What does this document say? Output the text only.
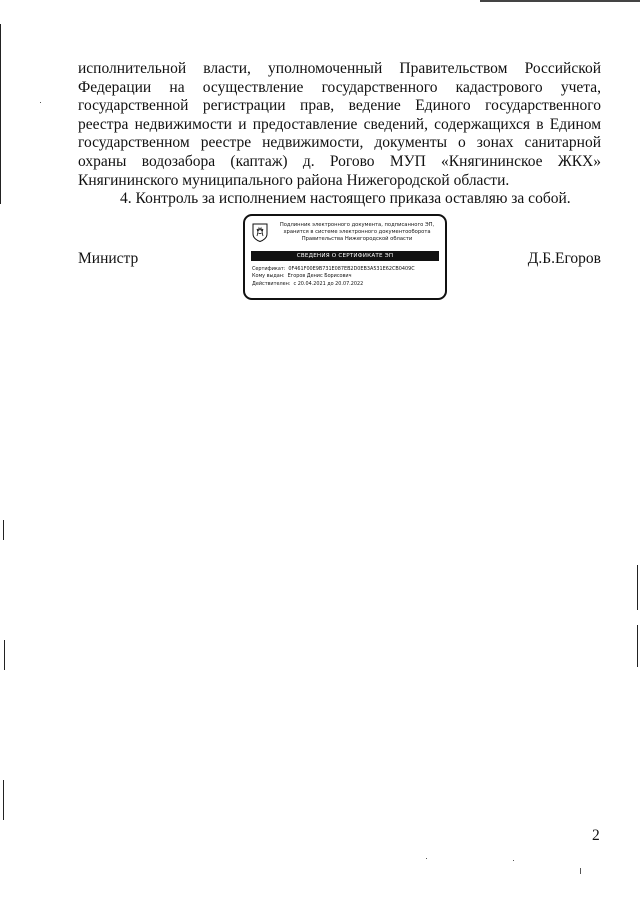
исполнительной власти, уполномоченный Правительством Российской Федерации на осуществление государственного кадастрового учета, государственной регистрации прав, ведение Единого государственного реестра недвижимости и предоставление сведений, содержащихся в Едином государственном реестре недвижимости, документы о зонах санитарной охраны водозабора (каптаж) д. Рогово МУП «Княгининское ЖКХ» Княгининского муниципального района Нижегородской области.

4. Контроль за исполнением настоящего приказа оставляю за собой.

Министр	Д.Б.Егоров
Подлинник электронного документа, подписанного ЭП,
хранится в системе электронного документооборота
Правительства Нижегородской области
СВЕДЕНИЯ О СЕРТИФИКАТЕ ЭП
Сертификат: 0F461F00E9B731E087EB2D0EB3A531E62CB0409C
Кому выдан: Егоров Денис Борисович
Действителен: с 20.04.2021 до 20.07.2022
2
